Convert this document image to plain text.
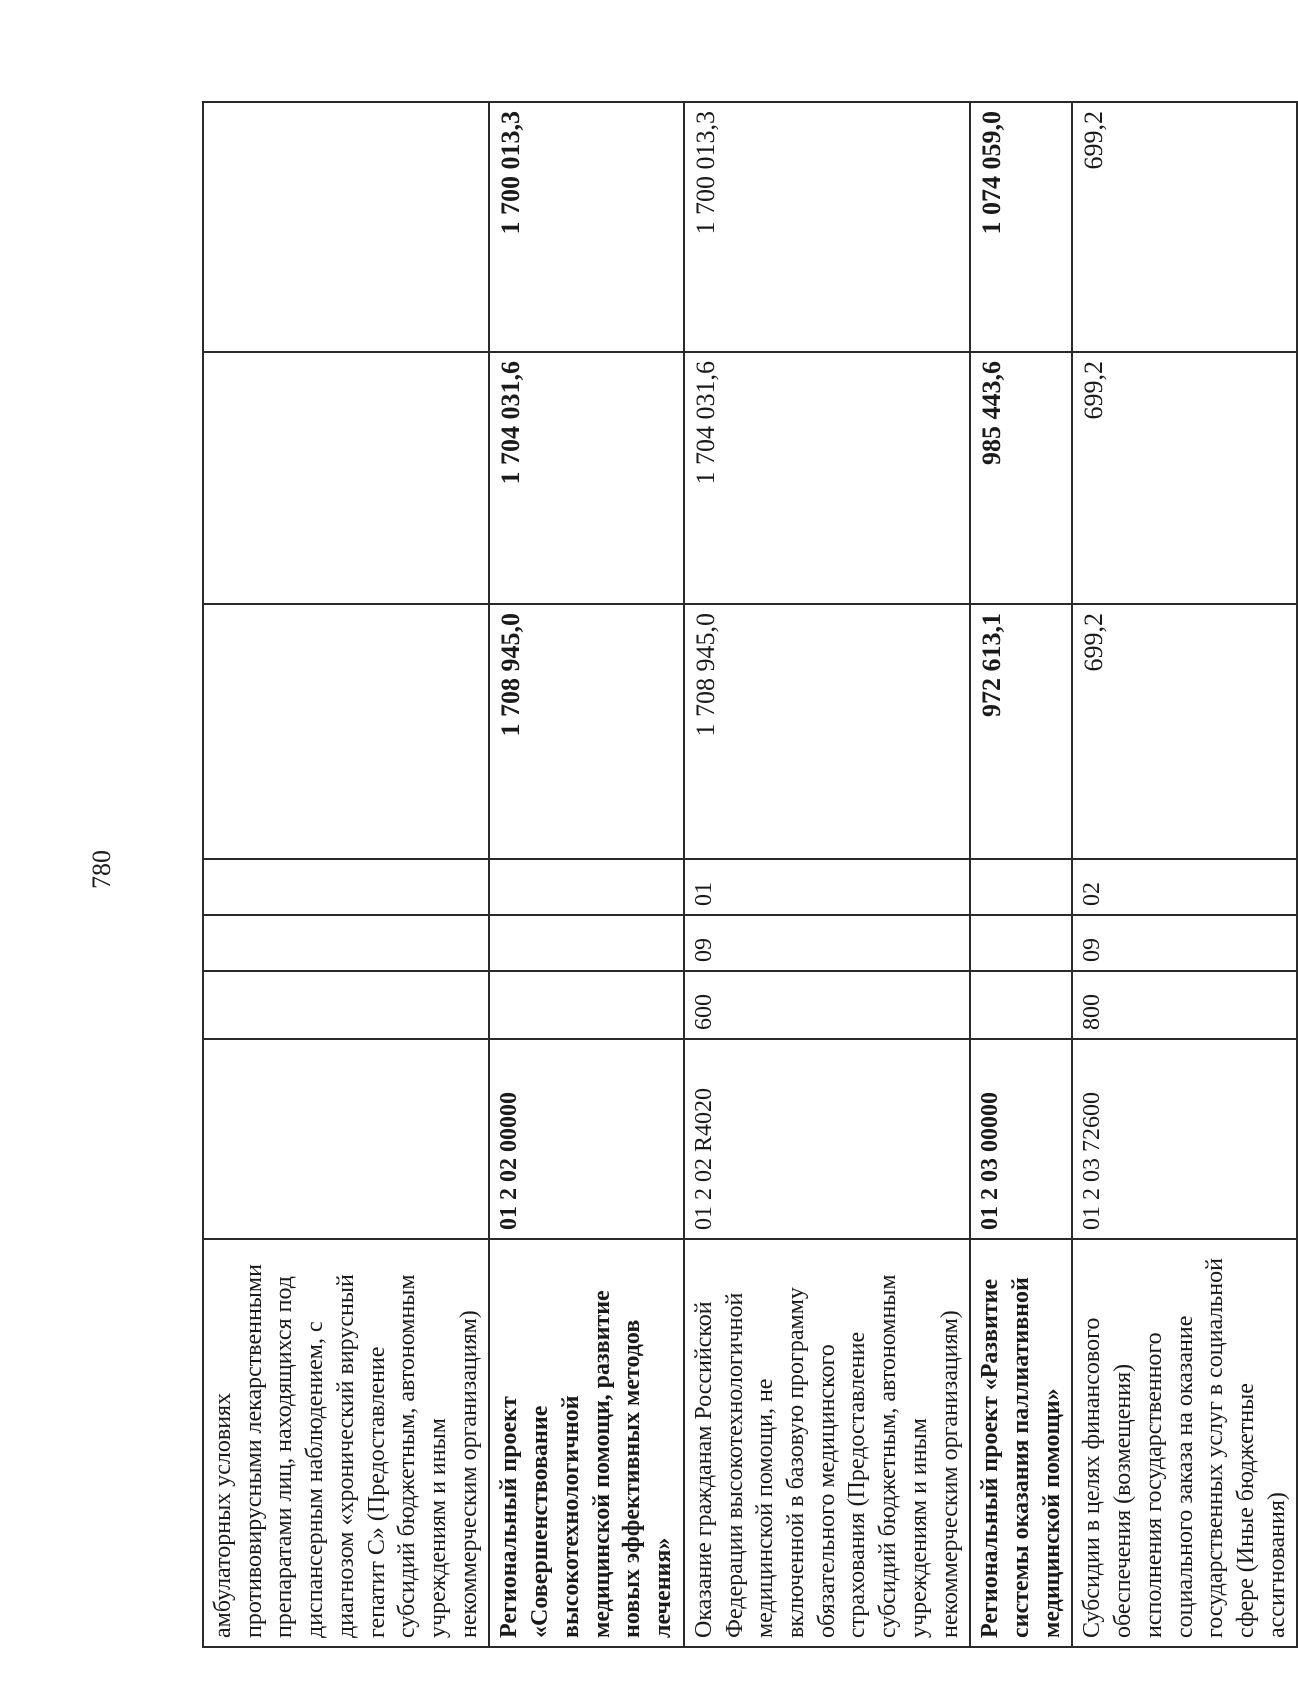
780
амбулаторных условиях противовирусными лекарственными препаратами лиц, находящихся под диспансерным наблюдением, с диагнозом «хронический вирусный гепатит С» (Предоставление субсидий бюджетным, автономным учреждениям и иным некоммерческим организациям)							
Региональный проект «Совершенствование высокотехнологичной медицинской помощи, развитие новых эффективных методов лечения»	01 2 02 00000				1 708 945,0	1 704 031,6	1 700 013,3
Оказание гражданам Российской Федерации высокотехнологичной медицинской помощи, не включенной в базовую программу обязательного медицинского страхования (Предоставление субсидий бюджетным, автономным учреждениям и иным некоммерческим организациям)	01 2 02 R4020	600	09	01	1 708 945,0	1 704 031,6	1 700 013,3
Региональный проект «Развитие системы оказания паллиативной медицинской помощи»	01 2 03 00000				972 613,1	985 443,6	1 074 059,0
Субсидии в целях финансового обеспечения (возмещения) исполнения государственного социального заказа на оказание государственных услуг в социальной сфере (Иные бюджетные ассигнования)	01 2 03 72600	800	09	02	699,2	699,2	699,2
